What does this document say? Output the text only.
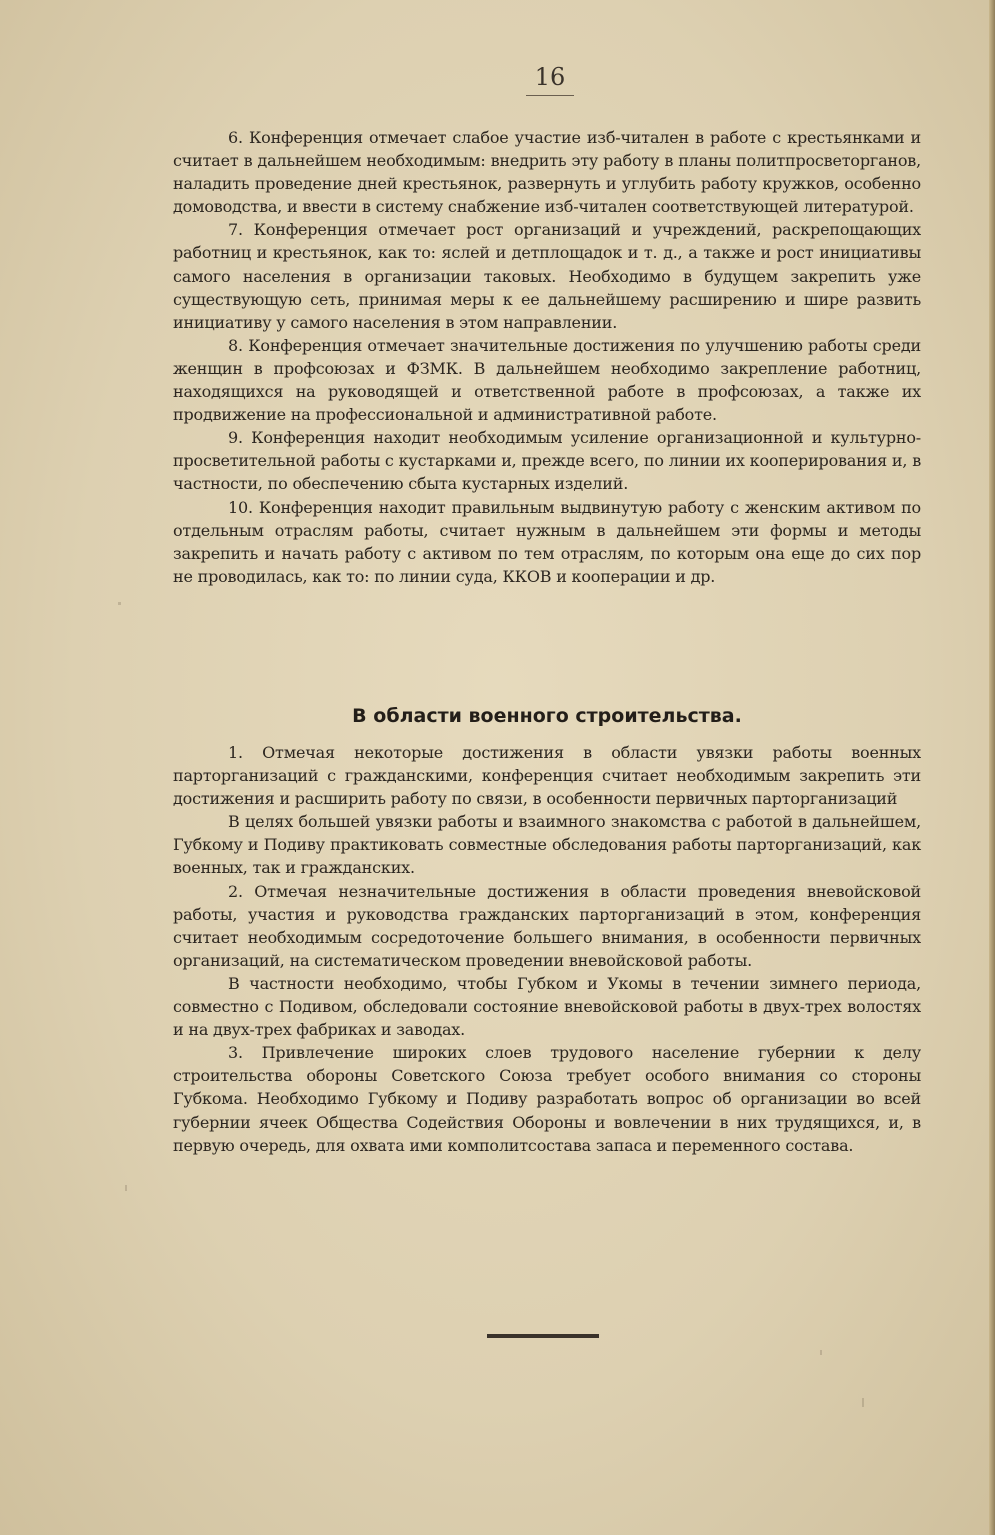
16

6. Конференция отмечает слабое участие изб-читален в работе с крестьянками и считает в дальнейшем необходимым: внедрить эту работу в планы политпросветорганов, наладить проведение дней крестьянок, развернуть и углубить работу кружков, особенно домоводства, и ввести в систему снабжение изб-читален соответствующей литературой.

7. Конференция отмечает рост организаций и учреждений, раскрепощающих работниц и крестьянок, как то: яслей и детплощадок и т. д., а также и рост инициативы самого населения в организации таковых. Необходимо в будущем закрепить уже существующую сеть, принимая меры к ее дальнейшему расширению и шире развить инициативу у самого населения в этом направлении.

8. Конференция отмечает значительные достижения по улучшению работы среди женщин в профсоюзах и ФЗМК. В дальнейшем необходимо закрепление работниц, находящихся на руководящей и ответственной работе в профсоюзах, а также их продвижение на профессиональной и административной работе.

9. Конференция находит необходимым усиление организационной и культурно-просветительной работы с кустарками и, прежде всего, по линии их кооперирования и, в частности, по обеспечению сбыта кустарных изделий.

10. Конференция находит правильным выдвинутую работу с женским активом по отдельным отраслям работы, считает нужным в дальнейшем эти формы и методы закрепить и начать работу с активом по тем отраслям, по которым она еще до сих пор не проводилась, как то: по линии суда, ККОВ и кооперации и др.

В области военного строительства.

1. Отмечая некоторые достижения в области увязки работы военных парторганизаций с гражданскими, конференция считает необходимым закрепить эти достижения и расширить работу по связи, в особенности первичных парторганизаций

В целях большей увязки работы и взаимного знакомства с работой в дальнейшем, Губкому и Подиву практиковать совместные обследования работы парторганизаций, как военных, так и гражданских.

2. Отмечая незначительные достижения в области проведения вневойсковой работы, участия и руководства гражданских парторганизаций в этом, конференция считает необходимым сосредоточение большего внимания, в особенности первичных организаций, на систематическом проведении вневойсковой работы.

В частности необходимо, чтобы Губком и Укомы в течении зимнего периода, совместно с Подивом, обследовали состояние вневойсковой работы в двух-трех волостях и на двух-трех фабриках и заводах.

3. Привлечение широких слоев трудового население губернии к делу строительства обороны Советского Союза требует особого внимания со стороны Губкома. Необходимо Губкому и Подиву разработать вопрос об организации во всей губернии ячеек Общества Содействия Обороны и вовлечении в них трудящихся, и, в первую очередь, для охвата ими комполитсостава запаса и переменного состава.
